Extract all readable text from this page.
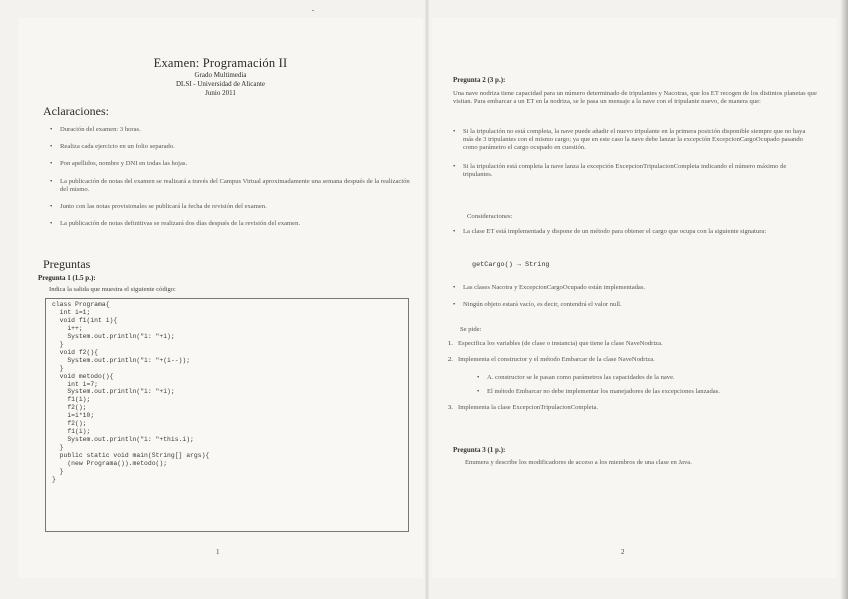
Examen: Programación II
Grado Multimedia
DLSI - Universidad de Alicante
Junio 2011
Aclaraciones:
• Duración del examen: 3 horas.
• Realiza cada ejercicio en un folio separado.
• Pon apellidos, nombre y DNI en todas las hojas.
• La publicación de notas del examen se realizará a través del Campus Virtual aproximadamente una semana después de la realización del mismo.
• Junto con las notas provisionales se publicará la fecha de revisión del examen.
• La publicación de notas definitivas se realizará dos días después de la revisión del examen.
Preguntas
Pregunta 1 (1.5 p.):
Indica la salida que muestra el siguiente código:
class Programa{
int i=1;
void f1(int i){
i++;
System.out.println("i: "+i);
}
void f2(){
System.out.println("i: "+(i--));
}
void metodo(){
int i=7;
System.out.println("i: "+i);
f1(i);
f2();
i=i*10;
f2();
f1(i);
System.out.println("i: "+this.i);
}
public static void main(String[] args){
(new Programa()).metodo();
}
}

1
Pregunta 2 (3 p.):
Una nave nodriza tiene capacidad para un número determinado de tripulantes y Nacotras, que los ET recogen de los distintos planetas que visitan. Para embarcar a un ET en la nodriza, se le pasa un mensaje a la nave con el tripulante nuevo, de manera que:
• Si la tripulación no está completa, la nave puede añadir el nuevo tripulante en la primera posición disponible siempre que no haya más de 3 tripulantes con el mismo cargo; ya que en este caso la nave debe lanzar la excepción ExcepcionCargoOcupado pasando como parámetro el cargo ocupado en cuestión.
• Si la tripulación está completa la nave lanza la excepción ExcepcionTripulacionCompleta indicando el número máximo de tripulantes.
Consideraciones:
• La clase ET está implementada y dispone de un método para obtener el cargo que ocupa con la siguiente signatura:
getCargo() → String
• Las clases Nacotra y ExcepcionCargoOcupado están implementadas.
• Ningún objeto estará vacío, es decir, contendrá el valor null.
Se pide:
1. Especifica los variables (de clase o instancia) que tiene la clase NaveNodriza.
2. Implementa el constructor y el método Embarcar de la clase NaveNodriza.
• A. constructor se le pasan como parámetros las capacidades de la nave.
• El método Embarcar no debe implementar los manejadores de las excepciones lanzadas.
3. Implementa la clase ExcepcionTripulacionCompleta.
Pregunta 3 (1 p.):
Enumera y describe los modificadores de acceso a los miembros de una clase en Java.
2
